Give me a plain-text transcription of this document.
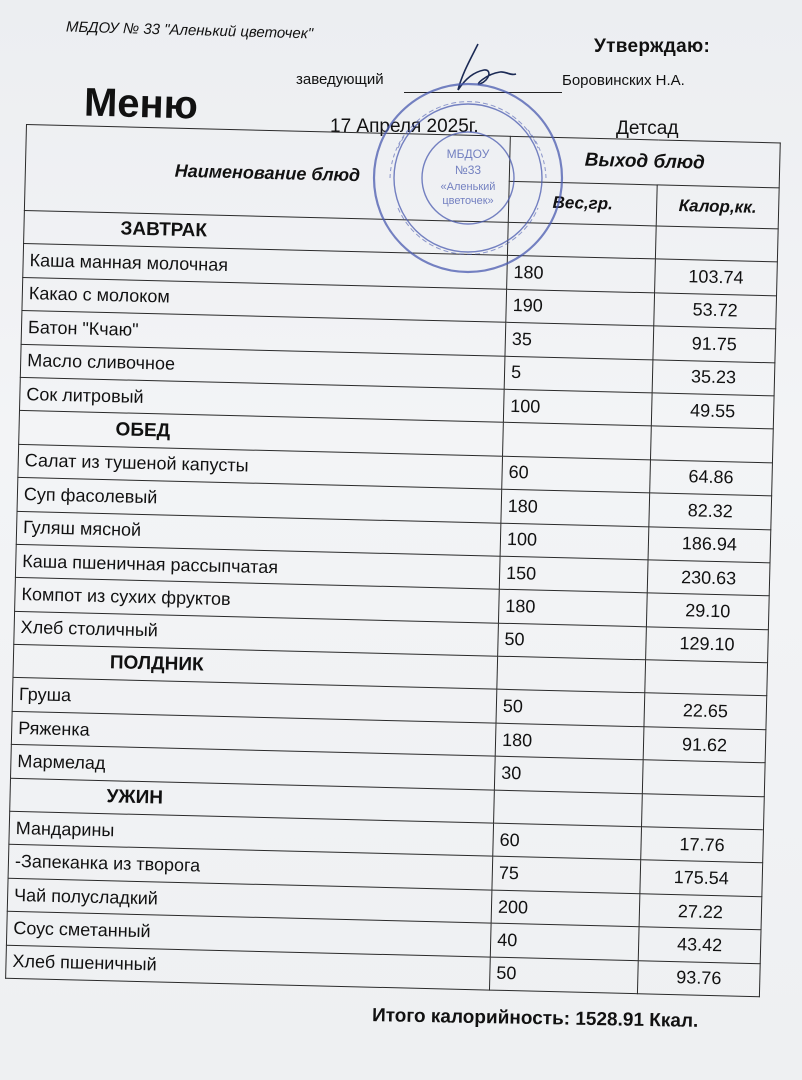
МБДОУ № 33 "Аленький цветочек"
Утверждаю:
заведующий	Боровинских Н.А.
Меню	17 Апреля 2025г.	Детсад
Наименование блюд	Выход блюд	
	Вес,гр.	Калор,кк.
ЗАВТРАК		
Каша манная молочная	180	103.74
Какао с молоком	190	53.72
Батон "Кчаю"	35	91.75
Масло сливочное	5	35.23
Сок литровый	100	49.55
ОБЕД		
Салат из тушеной капусты	60	64.86
Суп фасолевый	180	82.32
Гуляш мясной	100	186.94
Каша пшеничная рассыпчатая	150	230.63
Компот из сухих фруктов	180	29.10
Хлеб столичный	50	129.10
ПОЛДНИК		
Груша	50	22.65
Ряженка	180	91.62
Мармелад	30	
УЖИН		
Мандарины	60	17.76
-Запеканка из творога	75	175.54
Чай полусладкий	200	27.22
Соус сметанный	40	43.42
Хлеб пшеничный	50	93.76
МБДОУ
№33
«Аленький
цветочек»
Итого калорийность: 1528.91 Ккал.
